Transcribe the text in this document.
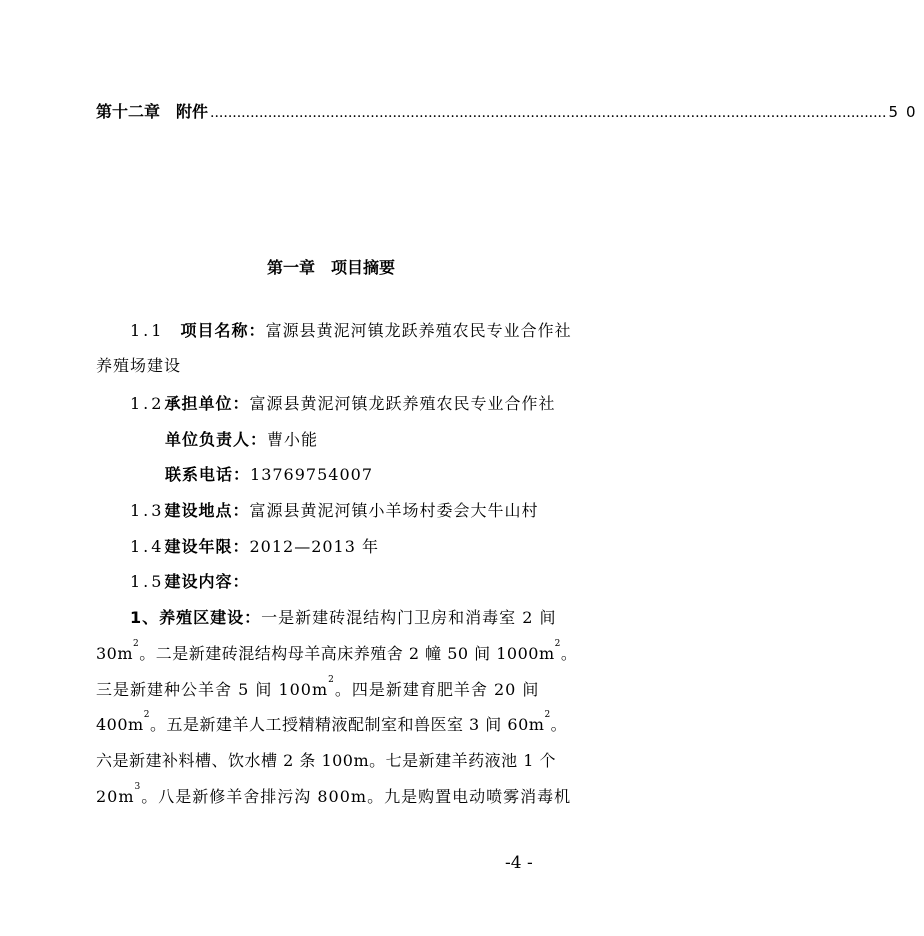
第十二章　附件 ........................................................................................................................................................ 50
第一章　项目摘要
1.1 项目名称：富源县黄泥河镇龙跃养殖农民专业合作社
养殖场建设
1.2承担单位：富源县黄泥河镇龙跃养殖农民专业合作社
单位负责人：曹小能
联系电话：13769754007
1.3建设地点：富源县黄泥河镇小羊场村委会大牛山村
1.4建设年限：2012—2013 年
1.5建设内容：
1、养殖区建设：一是新建砖混结构门卫房和消毒室 2 间
$30m^2$。二是新建砖混结构母羊高床养殖舍 2 幢 50 间 $1000m^2$。
三是新建种公羊舍 5 间 $100m^2$。四是新建育肥羊舍 20 间
$400m^2$。五是新建羊人工授精精液配制室和兽医室 3 间 $60m^2$。
六是新建补料槽、饮水槽 2 条 100m。七是新建羊药液池 1 个
$20m^3$。八是新修羊舍排污沟 800m。九是购置电动喷雾消毒机
-4 -
